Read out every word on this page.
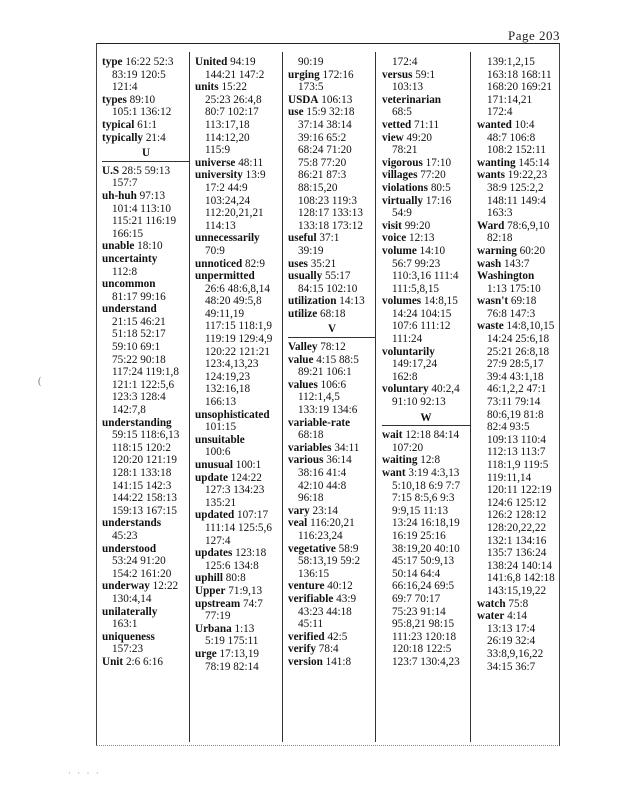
Page 203
type 16:22 52:3
83:19 120:5
121:4
types 89:10
105:1 136:12
typical 61:1
typically 21:4
U
U.S 28:5 59:13
157:7
uh-huh 97:13
101:4 113:10
115:21 116:19
166:15
unable 18:10
uncertainty
112:8
uncommon
81:17 99:16
understand
21:15 46:21
51:18 52:17
59:10 69:1
75:22 90:18
117:24 119:1,8
121:1 122:5,6
123:3 128:4
142:7,8
understanding
59:15 118:6,13
118:15 120:2
120:20 121:19
128:1 133:18
141:15 142:3
144:22 158:13
159:13 167:15
understands
45:23
understood
53:24 91:20
154:2 161:20
underway 12:22
130:4,14
unilaterally
163:1
uniqueness
157:23
Unit 2:6 6:16
United 94:19
144:21 147:2
units 15:22
25:23 26:4,8
80:7 102:17
113:17,18
114:12,20
115:9
universe 48:11
university 13:9
17:2 44:9
103:24,24
112:20,21,21
114:13
unnecessarily
70:9
unnoticed 82:9
unpermitted
26:6 48:6,8,14
48:20 49:5,8
49:11,19
117:15 118:1,9
119:19 129:4,9
120:22 121:21
123:4,13,23
124:19,23
132:16,18
166:13
unsophisticated
101:15
unsuitable
100:6
unusual 100:1
update 124:22
127:3 134:23
135:21
updated 107:17
111:14 125:5,6
127:4
updates 123:18
125:6 134:8
uphill 80:8
Upper 71:9,13
upstream 74:7
77:19
Urbana 1:13
5:19 175:11
urge 17:13,19
78:19 82:14
90:19
urging 172:16
173:5
USDA 106:13
use 15:9 32:18
37:14 38:14
39:16 65:2
68:24 71:20
75:8 77:20
86:21 87:3
88:15,20
108:23 119:3
128:17 133:13
133:18 173:12
useful 37:1
39:19
uses 35:21
usually 55:17
84:15 102:10
utilization 14:13
utilize 68:18
V
Valley 78:12
value 4:15 88:5
89:21 106:1
values 106:6
112:1,4,5
133:19 134:6
variable-rate
68:18
variables 34:11
various 36:14
38:16 41:4
42:10 44:8
96:18
vary 23:14
veal 116:20,21
116:23,24
vegetative 58:9
58:13,19 59:2
136:15
venture 40:12
verifiable 43:9
43:23 44:18
45:11
verified 42:5
verify 78:4
version 141:8
172:4
versus 59:1
103:13
veterinarian
68:5
vetted 71:11
view 49:20
78:21
vigorous 17:10
villages 77:20
violations 80:5
virtually 17:16
54:9
visit 99:20
voice 12:13
volume 14:10
56:7 99:23
110:3,16 111:4
111:5,8,15
volumes 14:8,15
14:24 104:15
107:6 111:12
111:24
voluntarily
149:17,24
162:8
voluntary 40:2,4
91:10 92:13
W
wait 12:18 84:14
107:20
waiting 12:8
want 3:19 4:3,13
5:10,18 6:9 7:7
7:15 8:5,6 9:3
9:9,15 11:13
13:24 16:18,19
16:19 25:16
38:19,20 40:10
45:17 50:9,13
50:14 64:4
66:16,24 69:5
69:7 70:17
75:23 91:14
95:8,21 98:15
111:23 120:18
120:18 122:5
123:7 130:4,23
139:1,2,15
163:18 168:11
168:20 169:21
171:14,21
172:4
wanted 10:4
48:7 106:8
108:2 152:11
wanting 145:14
wants 19:22,23
38:9 125:2,2
148:11 149:4
163:3
Ward 78:6,9,10
82:18
warning 60:20
wash 143:7
Washington
1:13 175:10
wasn't 69:18
76:8 147:3
waste 14:8,10,15
14:24 25:6,18
25:21 26:8,18
27:9 28:5,17
39:4 43:1,18
46:1,2,2 47:1
73:11 79:14
80:6,19 81:8
82:4 93:5
109:13 110:4
112:13 113:7
118:1,9 119:5
119:11,14
120:11 122:19
124:6 125:12
126:2 128:12
128:20,22,22
132:1 134:16
135:7 136:24
138:24 140:14
141:6,8 142:18
143:15,19,22
watch 75:8
water 4:14
13:13 17:4
26:19 32:4
33:8,9,16,22
34:15 36:7
(
· · · ·
